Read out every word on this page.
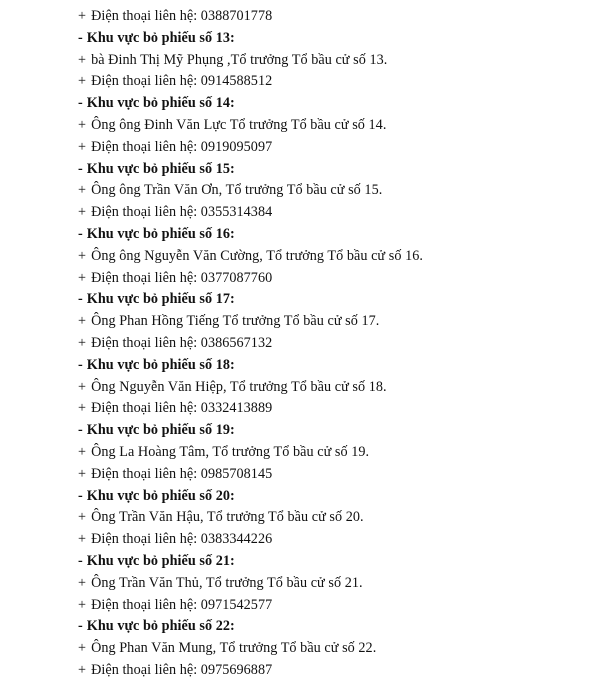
+ Điện thoại liên hệ: 0388701778
- Khu vực bỏ phiếu số 13:
+ bà Đinh Thị Mỹ Phụng ,Tổ trưởng Tổ bầu cử số 13.
+ Điện thoại liên hệ: 0914588512
- Khu vực bỏ phiếu số 14:
+ Ông ông Đinh Văn Lực Tổ trưởng Tổ bầu cử số 14.
+ Điện thoại liên hệ: 0919095097
- Khu vực bỏ phiếu số 15:
+ Ông ông Trần Văn Ơn, Tổ trưởng Tổ bầu cử số 15.
+ Điện thoại liên hệ: 0355314384
- Khu vực bỏ phiếu số 16:
+ Ông ông Nguyễn Văn Cường, Tổ trưởng Tổ bầu cử số 16.
+ Điện thoại liên hệ: 0377087760
- Khu vực bỏ phiếu số 17:
+ Ông Phan Hồng Tiếng Tổ trưởng Tổ bầu cử số 17.
+ Điện thoại liên hệ: 0386567132
- Khu vực bỏ phiếu số 18:
+ Ông Nguyễn Văn Hiệp, Tổ trưởng Tổ bầu cử số 18.
+ Điện thoại liên hệ: 0332413889
- Khu vực bỏ phiếu số 19:
+ Ông La Hoàng Tâm, Tổ trưởng Tổ bầu cử số 19.
+ Điện thoại liên hệ: 0985708145
- Khu vực bỏ phiếu số 20:
+ Ông Trần Văn Hậu, Tổ trưởng Tổ bầu cử số 20.
+ Điện thoại liên hệ: 0383344226
- Khu vực bỏ phiếu số 21:
+ Ông Trần Văn Thủ, Tổ trưởng Tổ bầu cử số 21.
+ Điện thoại liên hệ: 0971542577
- Khu vực bỏ phiếu số 22:
+ Ông Phan Văn Mung, Tổ trưởng Tổ bầu cử số 22.
+ Điện thoại liên hệ: 0975696887
